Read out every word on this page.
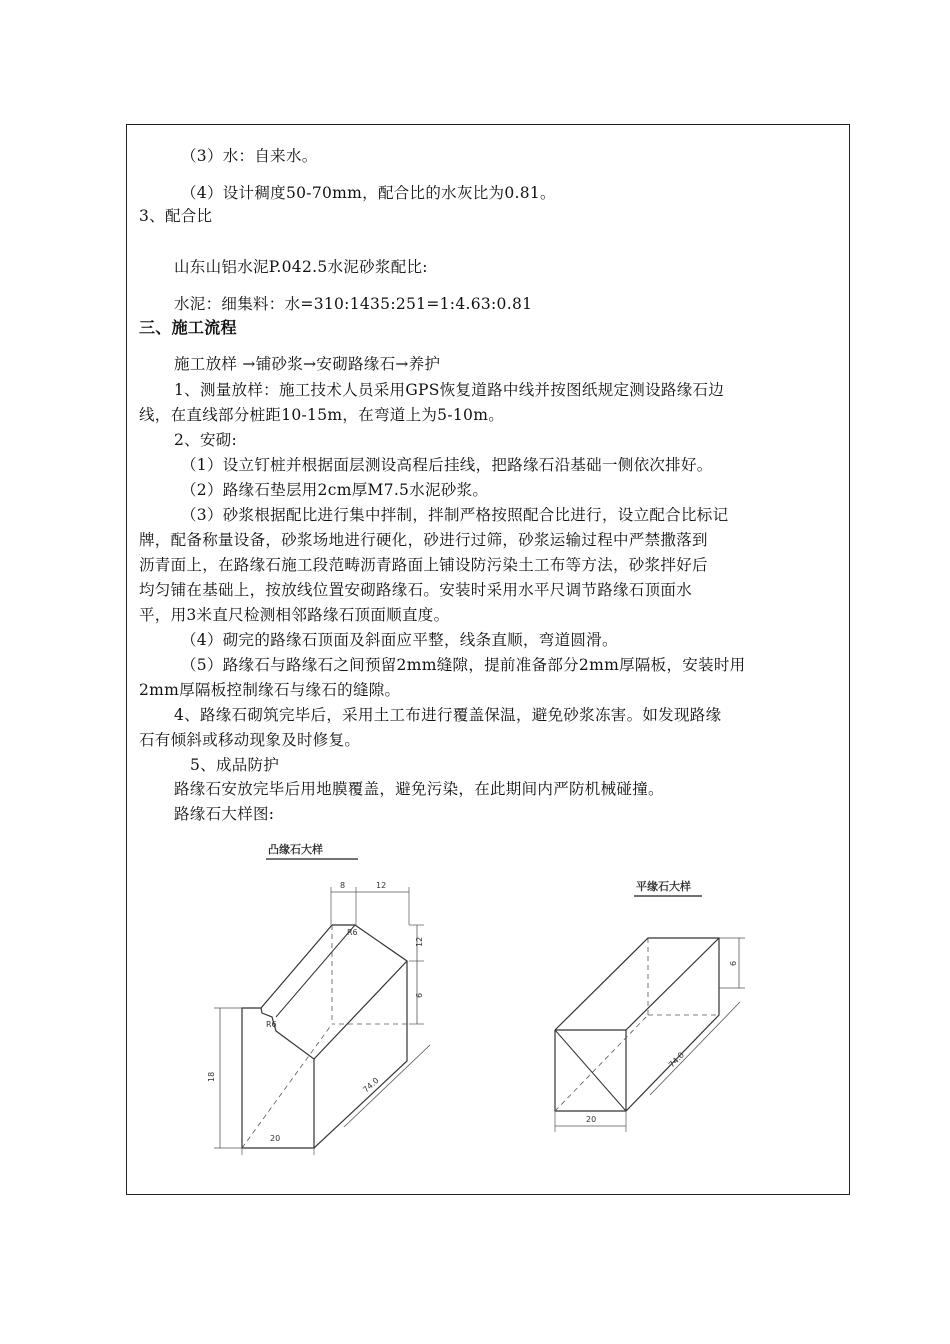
（3）水：自来水。
（4）设计稠度50-70mm，配合比的水灰比为0.81。
3、配合比
山东山铝水泥P.042.5水泥砂浆配比:
水泥：细集料：水=310:1435:251=1:4.63:0.81
三、施工流程
施工放样 →铺砂浆→安砌路缘石→养护
1、测量放样：施工技术人员采用GPS恢复道路中线并按图纸规定测设路缘石边
线，在直线部分桩距10-15m，在弯道上为5-10m。
2、安砌:
（1）设立钉桩并根据面层测设高程后挂线，把路缘石沿基础一侧依次排好。
（2）路缘石垫层用2cm厚M7.5水泥砂浆。
（3）砂浆根据配比进行集中拌制，拌制严格按照配合比进行，设立配合比标记
牌，配备称量设备，砂浆场地进行硬化，砂进行过筛，砂浆运输过程中严禁撒落到
沥青面上，在路缘石施工段范畴沥青路面上铺设防污染土工布等方法，砂浆拌好后
均匀铺在基础上，按放线位置安砌路缘石。安装时采用水平尺调节路缘石顶面水
平，用3米直尺检测相邻路缘石顶面顺直度。
（4）砌完的路缘石顶面及斜面应平整，线条直顺，弯道圆滑。
（5）路缘石与路缘石之间预留2mm缝隙，提前准备部分2mm厚隔板，安装时用
2mm厚隔板控制缘石与缘石的缝隙。
4、路缘石砌筑完毕后，采用土工布进行覆盖保温，避免砂浆冻害。如发现路缘
石有倾斜或移动现象及时修复。
5、成品防护
路缘石安放完毕后用地膜覆盖，避免污染，在此期间内严防机械碰撞。
路缘石大样图:
凸缘石大样
8	12
R6
R6
12
6
18
20
74.0
平缘石大样
6
74.0
20
